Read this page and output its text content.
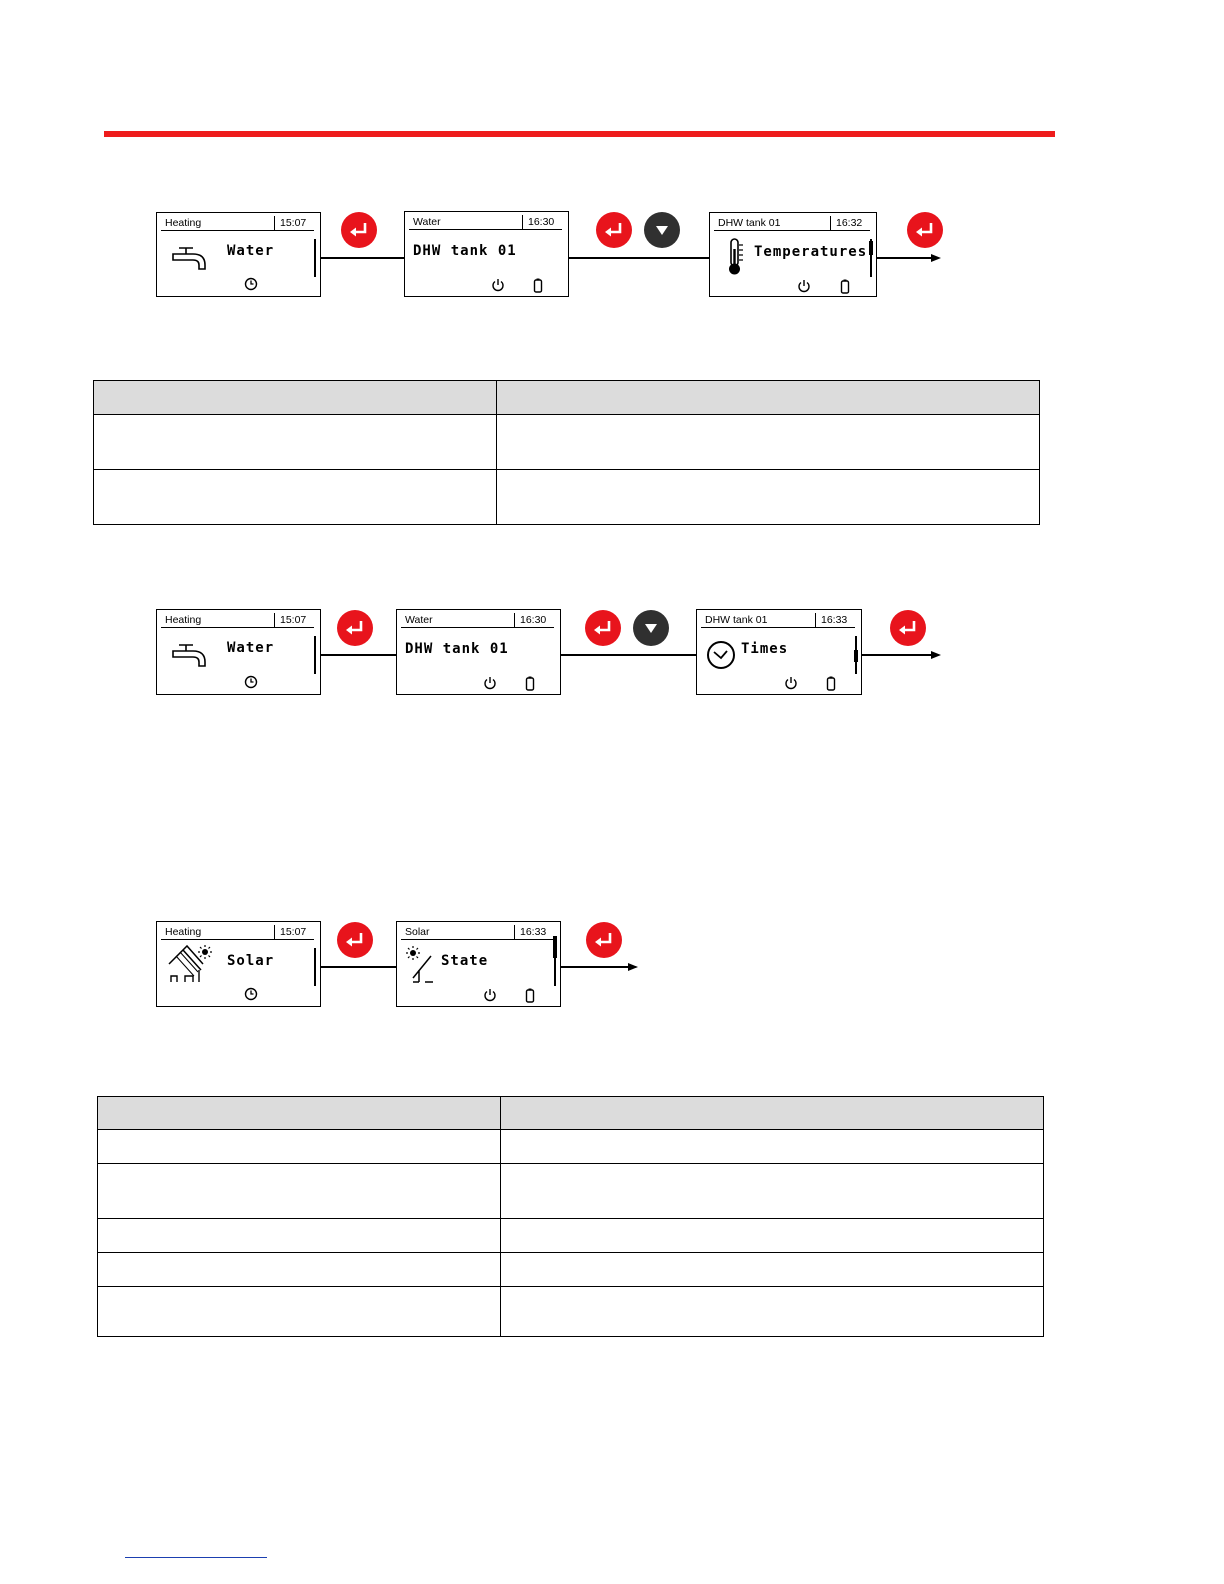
Heating	15:07
Water
Water	16:30
DHW tank 01
DHW tank 01	16:32
Temperatures

Heating	15:07
Water
Water	16:30
DHW tank 01
DHW tank 01	16:33
Times
Heating	15:07
Solar
Solar	16:33
State
